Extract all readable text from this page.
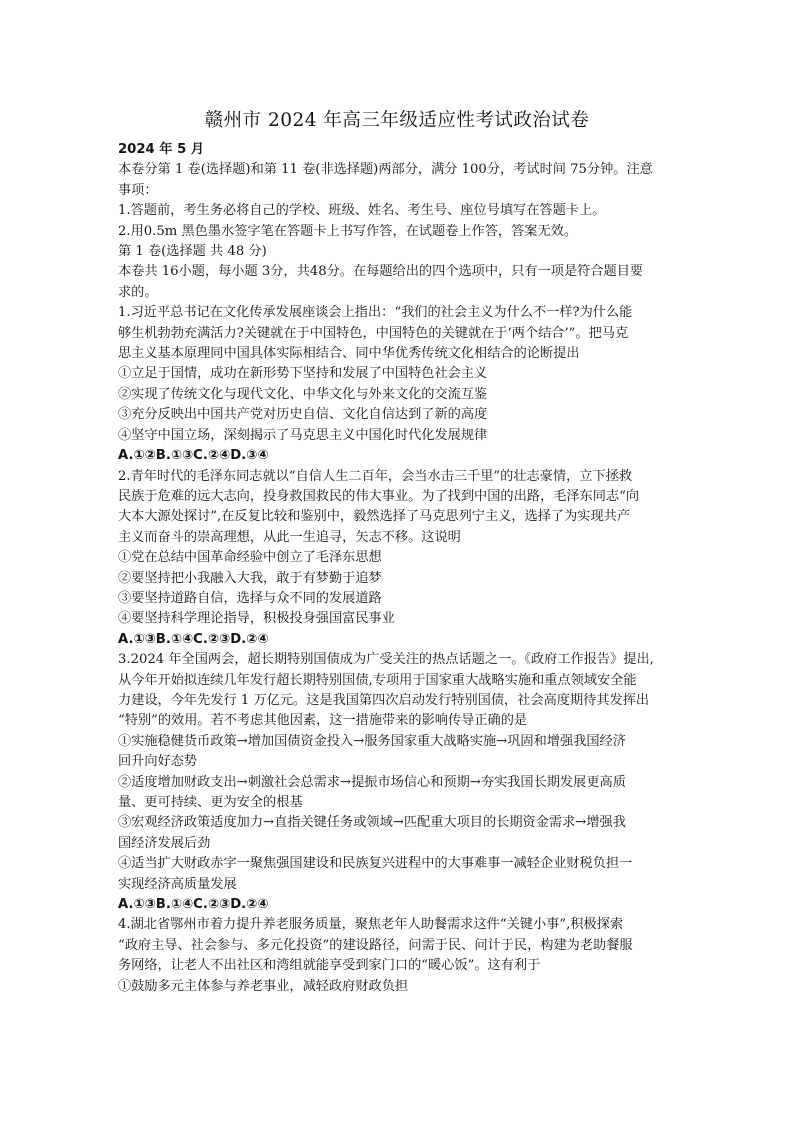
赣州市 2024 年高三年级适应性考试政治试卷
2024 年 5 月
本卷分第 1 卷(选择题)和第 11 卷(非选择题)两部分，满分 100分，考试时间 75分钟。注意
事项：
1.答题前，考生务必将自己的学校、班级、姓名、考生号、座位号填写在答题卡上。
2.用0.5m 黑色墨水签字笔在答题卡上书写作答，在试题卷上作答，答案无效。
第 1 卷(选择题 共 48 分)
本卷共 16小题，每小题 3分，共48分。在每题给出的四个选项中，只有一项是符合题目要
求的。
1.习近平总书记在文化传承发展座谈会上指出：“我们的社会主义为什么不一样?为什么能
够生机勃勃充满活力?关键就在于中国特色，中国特色的关键就在于‘两个结合’”。把马克
思主义基本原理同中国具体实际相结合、同中华优秀传统文化相结合的论断提出
①立足于国情，成功在新形势下坚持和发展了中国特色社会主义
②实现了传统文化与现代文化、中华文化与外来文化的交流互鉴
③充分反映出中国共产党对历史自信、文化自信达到了新的高度
④坚守中国立场，深刻揭示了马克思主义中国化时代化发展规律
A.①②B.①③C.②④D.③④
2.青年时代的毛泽东同志就以“自信人生二百年，会当水击三千里”的壮志豪情，立下拯救
民族于危难的远大志向，投身救国救民的伟大事业。为了找到中国的出路，毛泽东同志“向
大本大源处探讨”,在反复比较和鉴别中，毅然选择了马克思列宁主义，选择了为实现共产
主义而奋斗的崇高理想，从此一生追寻，矢志不移。这说明
①党在总结中国革命经验中创立了毛泽东思想
②要坚持把小我融入大我，敢于有梦勤于追梦
③要坚持道路自信，选择与众不同的发展道路
④要坚持科学理论指导，积极投身强国富民事业
A.①③B.①④C.②③D.②④
3.2024 年全国两会，超长期特别国债成为广受关注的热点话题之一。《政府工作报告》提出,
从今年开始拟连续几年发行超长期特别国债,专项用于国家重大战略实施和重点领域安全能
力建设，今年先发行 1 万亿元。这是我国第四次启动发行特别国债，社会高度期待其发挥出
“特别”的效用。若不考虑其他因素，这一措施带来的影响传导正确的是
①实施稳健货币政策→增加国债资金投入→服务国家重大战略实施→巩固和增强我国经济
回升向好态势
②适度增加财政支出→刺激社会总需求→提振市场信心和预期→夯实我国长期发展更高质
量、更可持续、更为安全的根基
③宏观经济政策适度加力→直指关键任务或领域→匹配重大项目的长期资金需求→增强我
国经济发展后劲
④适当扩大财政赤字一聚焦强国建设和民族复兴进程中的大事难事一减轻企业财税负担一
实现经济高质量发展
A.①③B.①④C.②③D.②④
4.湖北省鄂州市着力提升养老服务质量，聚焦老年人助餐需求这件“关键小事”,积极探索
“政府主导、社会参与、多元化投资”的建设路径，问需于民、问计于民，构建为老助餐服
务网络，让老人不出社区和湾组就能享受到家门口的“暖心饭”。这有利于
①鼓励多元主体参与养老事业，减轻政府财政负担
